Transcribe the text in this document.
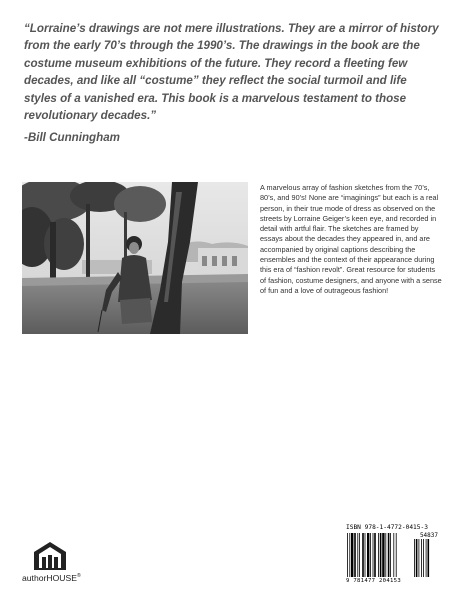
“Lorraine’s drawings are not mere illustrations. They are a mirror of history from the early 70’s through the 1990’s. The drawings in the book are the costume museum exhibitions of the future. They record a fleeting few decades, and like all “costume” they reflect the social turmoil and life styles of a vanished era. This book is a marvelous testament to those revolutionary decades.”

-Bill Cunningham

A marvelous array of fashion sketches from the 70’s, 80’s, and 90’s! None are “imaginings” but each is a real person, in their true mode of dress as observed on the streets by Lorraine Geiger’s keen eye, and recorded in detail with artful flair. The sketches are framed by essays about the decades they appeared in, and are accompanied by original captions describing the ensembles and the context of their appearance during this era of “fashion revolt”. Great resource for students of fashion, costume designers, and anyone with a sense of fun and a love of outrageous fashion!

authorHOUSE®
ISBN 978-1-4772-0415-3
54837
9 781477 204153
